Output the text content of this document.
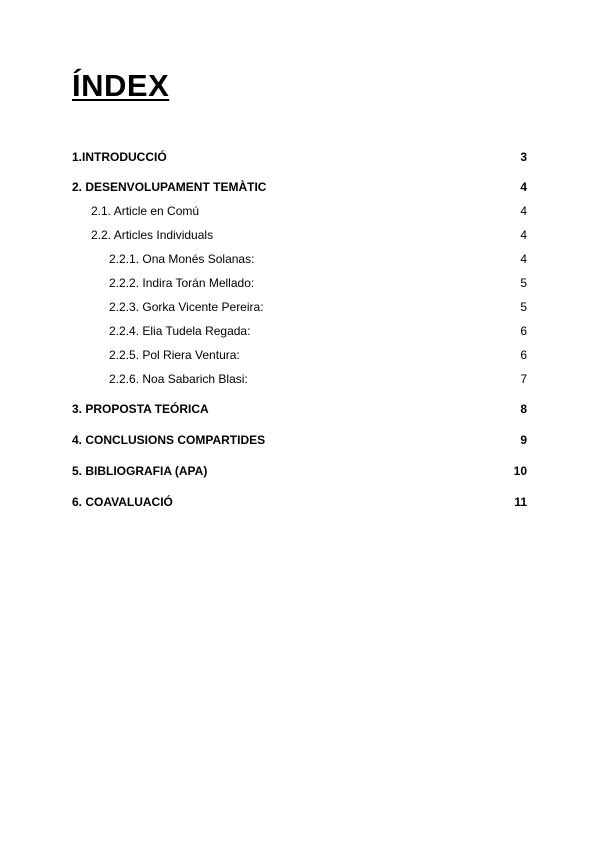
ÍNDEX
1.INTRODUCCIÓ	3
2. DESENVOLUPAMENT TEMÀTIC	4
2.1. Article en Comú	4
2.2. Articles Individuals	4
2.2.1. Ona Monés Solanas:	4
2.2.2. Indira Torán Mellado:	5
2.2.3. Gorka Vicente Pereira:	5
2.2.4. Elia Tudela Regada:	6
2.2.5. Pol Riera Ventura:	6
2.2.6. Noa Sabarich Blasi:	7
3. PROPOSTA TEÓRICA	8
4. CONCLUSIONS COMPARTIDES	9
5. BIBLIOGRAFIA (APA)	10
6. COAVALUACIÓ	11
